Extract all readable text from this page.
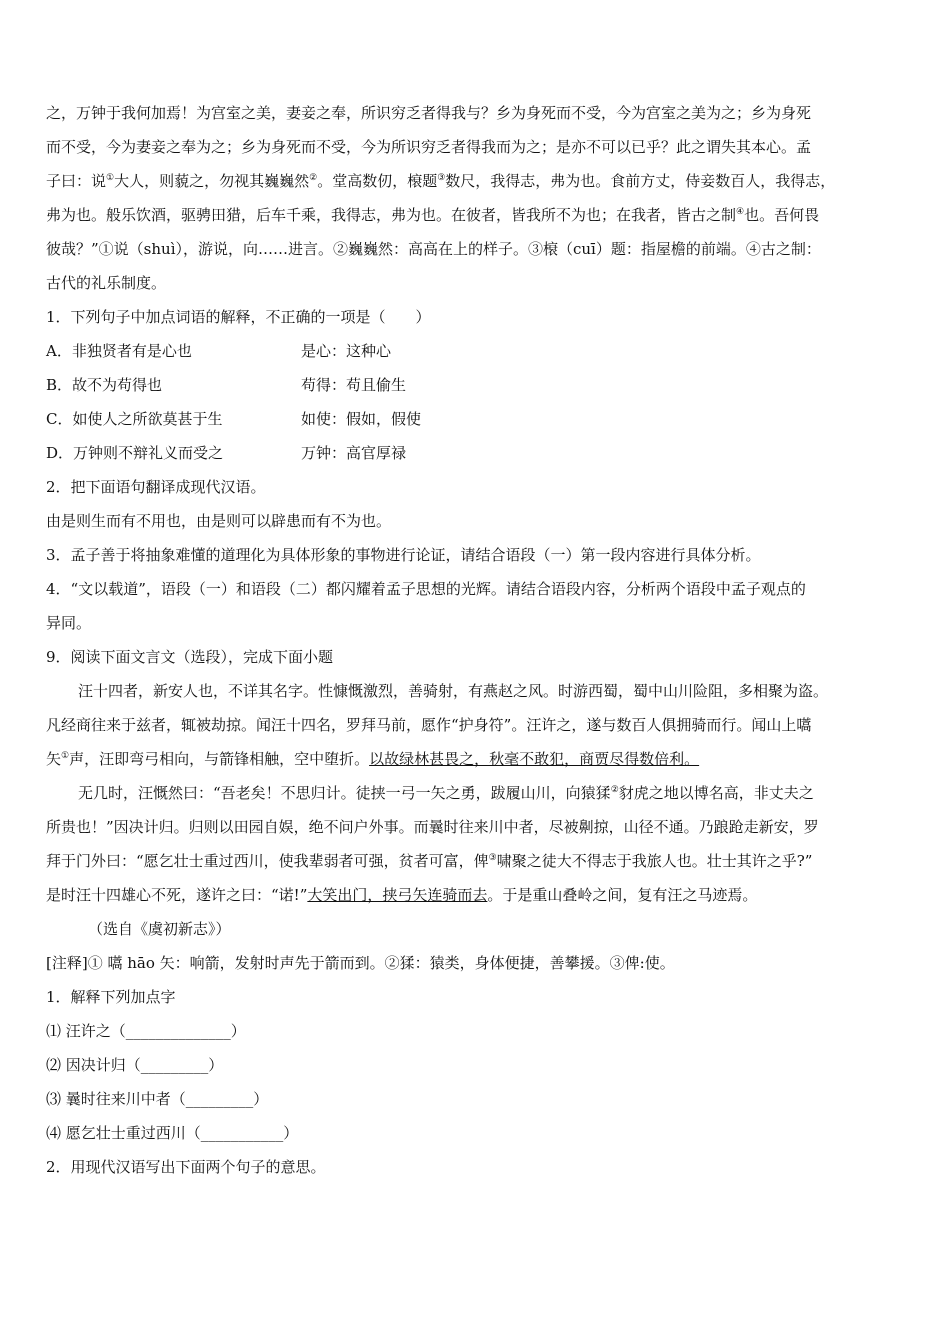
之，万钟于我何加焉！为宫室之美，妻妾之奉，所识穷乏者得我与？乡为身死而不受，今为宫室之美为之；乡为身死
而不受，今为妻妾之奉为之；乡为身死而不受，今为所识穷乏者得我而为之；是亦不可以已乎？此之谓失其本心。孟
子曰：说①大人，则藐之，勿视其巍巍然②。堂高数仞，榱题③数尺，我得志，弗为也。食前方丈，侍妾数百人，我得志，
弗为也。般乐饮酒，驱骋田猎，后车千乘，我得志，弗为也。在彼者，皆我所不为也；在我者，皆古之制④也。吾何畏
彼哉？”①说（shuì），游说，向……进言。②巍巍然：高高在上的样子。③榱（cuī）题：指屋檐的前端。④古之制：
古代的礼乐制度。
1．下列句子中加点词语的解释，不正确的一项是（　　）
A．非独贤者有是心也	是心：这种心
B．故不为苟得也	苟得：苟且偷生
C．如使人之所欲莫甚于生	如使：假如，假使
D．万钟则不辩礼义而受之	万钟：高官厚禄
2．把下面语句翻译成现代汉语。
由是则生而有不用也，由是则可以辟患而有不为也。
3．孟子善于将抽象难懂的道理化为具体形象的事物进行论证，请结合语段（一）第一段内容进行具体分析。
4．“文以载道”，语段（一）和语段（二）都闪耀着孟子思想的光辉。请结合语段内容，分析两个语段中孟子观点的
异同。
9．阅读下面文言文（选段），完成下面小题
汪十四者，新安人也，不详其名字。性慷慨激烈，善骑射，有燕赵之风。时游西蜀，蜀中山川险阻，多相聚为盗。
凡经商往来于兹者，辄被劫掠。闻汪十四名，罗拜马前，愿作“护身符”。汪许之，遂与数百人俱拥骑而行。闻山上嚆
矢①声，汪即弯弓相向，与箭锋相触，空中堕折。以故绿林甚畏之，秋毫不敢犯，商贾尽得数倍利。
无几时，汪慨然曰：“吾老矣！不思归计。徒挟一弓一矢之勇，跋履山川，向猿猱②豺虎之地以博名高，非丈夫之
所贵也！”因决计归。归则以田园自娱，绝不问户外事。而曩时往来川中者，尽被劓掠，山径不通。乃踉跄走新安，罗
拜于门外曰：“愿乞壮士重过西川，使我辈弱者可强，贫者可富，俾③啸聚之徒大不得志于我旅人也。壮士其许之乎?”
是时汪十四雄心不死，遂许之曰：“诺!”大笑出门，挟弓矢连骑而去。于是重山叠岭之间，复有汪之马迹焉。
（选自《虞初新志》）
[注释]① 嚆 hāo 矢：响箭，发射时声先于箭而到。②猱：猿类，身体便捷，善攀援。③俾:使。
1．解释下列加点字
⑴ 汪许之（______________）
⑵ 因决计归（_________）
⑶ 曩时往来川中者（_________）
⑷ 愿乞壮士重过西川（___________）
2．用现代汉语写出下面两个句子的意思。
